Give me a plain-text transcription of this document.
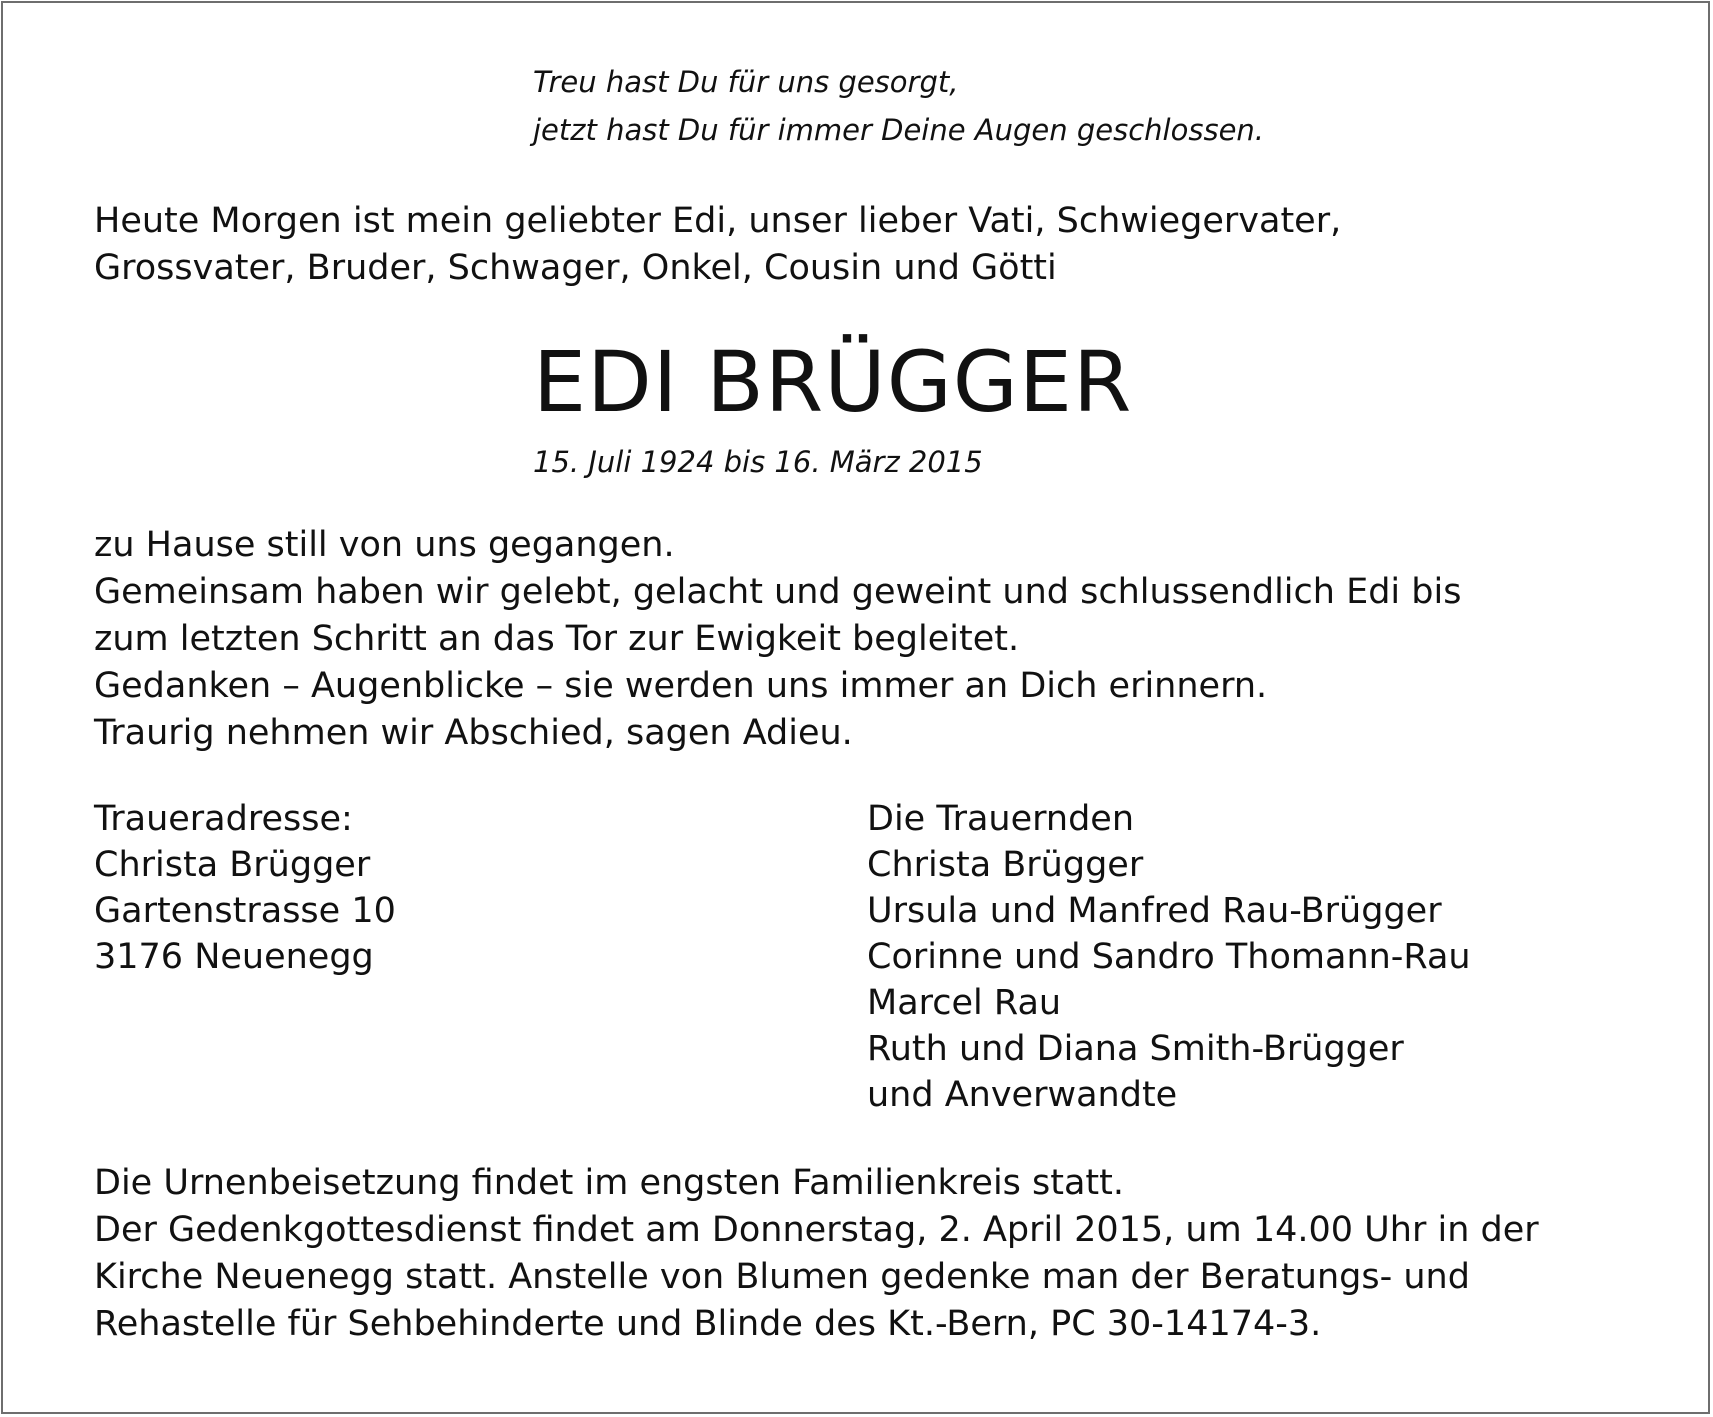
Treu hast Du für uns gesorgt,
jetzt hast Du für immer Deine Augen geschlossen.
Heute Morgen ist mein geliebter Edi, unser lieber Vati, Schwiegervater,
Grossvater, Bruder, Schwager, Onkel, Cousin und Götti
EDI BRÜGGER
15. Juli 1924 bis 16. März 2015
zu Hause still von uns gegangen.
Gemeinsam haben wir gelebt, gelacht und geweint und schlussendlich Edi bis
zum letzten Schritt an das Tor zur Ewigkeit begleitet.
Gedanken – Augenblicke – sie werden uns immer an Dich erinnern.
Traurig nehmen wir Abschied, sagen Adieu.
Traueradresse:
Christa Brügger
Gartenstrasse 10
3176 Neuenegg
Die Trauernden
Christa Brügger
Ursula und Manfred Rau-Brügger
Corinne und Sandro Thomann-Rau
Marcel Rau
Ruth und Diana Smith-Brügger
und Anverwandte
Die Urnenbeisetzung findet im engsten Familienkreis statt.
Der Gedenkgottesdienst findet am Donnerstag, 2. April 2015, um 14.00 Uhr in der
Kirche Neuenegg statt. Anstelle von Blumen gedenke man der Beratungs- und
Rehastelle für Sehbehinderte und Blinde des Kt.-Bern, PC 30-14174-3.
